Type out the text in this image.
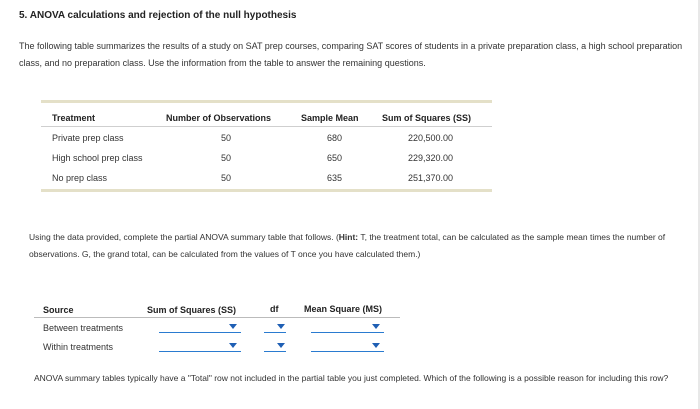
5. ANOVA calculations and rejection of the null hypothesis
The following table summarizes the results of a study on SAT prep courses, comparing SAT scores of students in a private preparation class, a high school preparation class, and no preparation class. Use the information from the table to answer the remaining questions.
Treatment	Number of Observations	Sample Mean	Sum of Squares (SS)
Private prep class	50	680	220,500.00
High school prep class	50	650	229,320.00
No prep class	50	635	251,370.00
Using the data provided, complete the partial ANOVA summary table that follows. (Hint: T, the treatment total, can be calculated as the sample mean times the number of observations. G, the grand total, can be calculated from the values of T once you have calculated them.)
Source	Sum of Squares (SS)	df	Mean Square (MS)
Between treatments
Within treatments
ANOVA summary tables typically have a "Total" row not included in the partial table you just completed. Which of the following is a possible reason for including this row?
